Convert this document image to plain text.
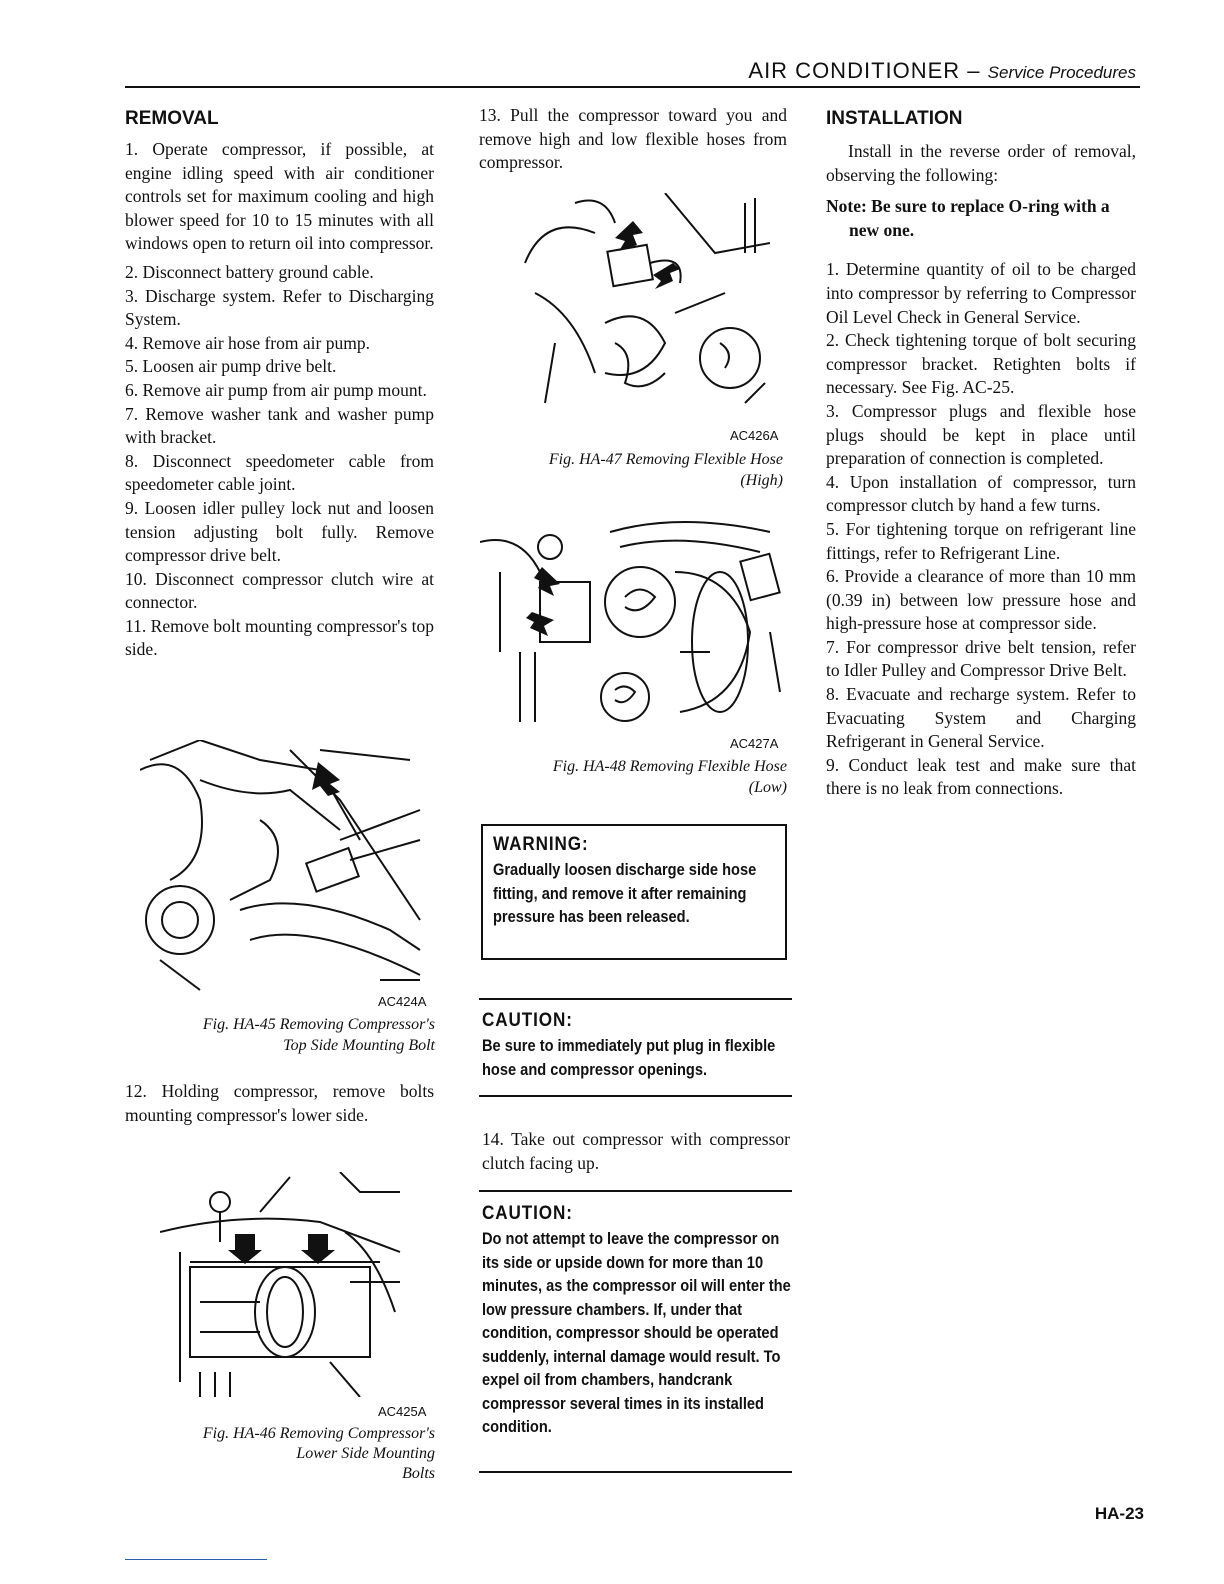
AIR CONDITIONER – Service Procedures
REMOVAL

1. Operate compressor, if possible, at engine idling speed with air conditioner controls set for maximum cooling and high blower speed for 10 to 15 minutes with all windows open to return oil into compressor.

2. Disconnect battery ground cable.

3. Discharge system. Refer to Discharging System.

4. Remove air hose from air pump.

5. Loosen air pump drive belt.

6. Remove air pump from air pump mount.

7. Remove washer tank and washer pump with bracket.

8. Disconnect speedometer cable from speedometer cable joint.

9. Loosen idler pulley lock nut and loosen tension adjusting bolt fully. Remove compressor drive belt.

10. Disconnect compressor clutch wire at connector.

11. Remove bolt mounting compressor's top side.

AC424A
Fig. HA-45 Removing Compressor's
Top Side Mounting Bolt

12. Holding compressor, remove bolts mounting compressor's lower side.

AC425A
Fig. HA-46 Removing Compressor's
Lower Side Mounting
Bolts

13. Pull the compressor toward you and remove high and low flexible hoses from compressor.

AC426A
Fig. HA-47 Removing Flexible Hose
(High)
AC427A
Fig. HA-48 Removing Flexible Hose
(Low)
WARNING:

Gradually loosen discharge side hose fitting, and remove it after remaining pressure has been released.

CAUTION:

Be sure to immediately put plug in flexible hose and compressor openings.

14. Take out compressor with compressor clutch facing up.

CAUTION:

Do not attempt to leave the compressor on its side or upside down for more than 10 minutes, as the compressor oil will enter the low pressure chambers. If, under that condition, compressor should be operated suddenly, internal damage would result. To expel oil from chambers, handcrank compressor several times in its installed condition.

INSTALLATION

Install in the reverse order of removal, observing the following:

Note: Be sure to replace O-ring with a new one.

1. Determine quantity of oil to be charged into compressor by referring to Compressor Oil Level Check in General Service.

2. Check tightening torque of bolt securing compressor bracket. Retighten bolts if necessary. See Fig. AC-25.

3. Compressor plugs and flexible hose plugs should be kept in place until preparation of connection is completed.

4. Upon installation of compressor, turn compressor clutch by hand a few turns.

5. For tightening torque on refrigerant line fittings, refer to Refrigerant Line.

6. Provide a clearance of more than 10 mm (0.39 in) between low pressure hose and high-pressure hose at compressor side.

7. For compressor drive belt tension, refer to Idler Pulley and Compressor Drive Belt.

8. Evacuate and recharge system. Refer to Evacuating System and Charging Refrigerant in General Service.

9. Conduct leak test and make sure that there is no leak from connections.

HA-23
